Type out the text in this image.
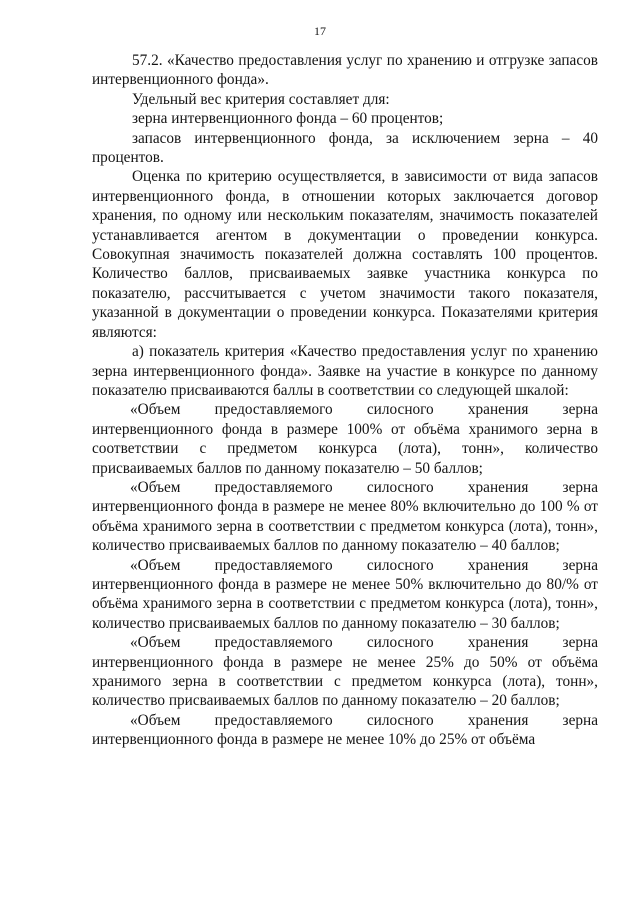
17

57.2. «Качество предоставления услуг по хранению и отгрузке запасов интервенционного фонда».

Удельный вес критерия составляет для:

зерна интервенционного фонда – 60 процентов;

запасов интервенционного фонда, за исключением зерна – 40 процентов.

Оценка по критерию осуществляется, в зависимости от вида запасов интервенционного фонда, в отношении которых заключается договор хранения, по одному или нескольким показателям, значимость показателей устанавливается агентом в документации о проведении конкурса. Совокупная значимость показателей должна составлять 100 процентов. Количество баллов, присваиваемых заявке участника конкурса по показателю, рассчитывается с учетом значимости такого показателя, указанной в документации о проведении конкурса. Показателями критерия являются:

а) показатель критерия «Качество предоставления услуг по хранению зерна интервенционного фонда». Заявке на участие в конкурсе по данному показателю присваиваются баллы в соответствии со следующей шкалой:

«Объем предоставляемого силосного хранения зерна интервенционного фонда в размере 100% от объёма хранимого зерна в соответствии с предметом конкурса (лота), тонн», количество присваиваемых баллов по данному показателю – 50 баллов;

«Объем предоставляемого силосного хранения зерна интервенционного фонда в размере не менее 80% включительно до 100 % от объёма хранимого зерна в соответствии с предметом конкурса (лота), тонн», количество присваиваемых баллов по данному показателю – 40 баллов;

«Объем предоставляемого силосного хранения зерна интервенционного фонда в размере не менее 50% включительно до 80/% от объёма хранимого зерна в соответствии с предметом конкурса (лота), тонн», количество присваиваемых баллов по данному показателю – 30 баллов;

«Объем предоставляемого силосного хранения зерна интервенционного фонда в размере не менее 25% до 50% от объёма хранимого зерна в соответствии с предметом конкурса (лота), тонн», количество присваиваемых баллов по данному показателю – 20 баллов;

«Объем предоставляемого силосного хранения зерна интервенционного фонда в размере не менее 10% до 25% от объёма
